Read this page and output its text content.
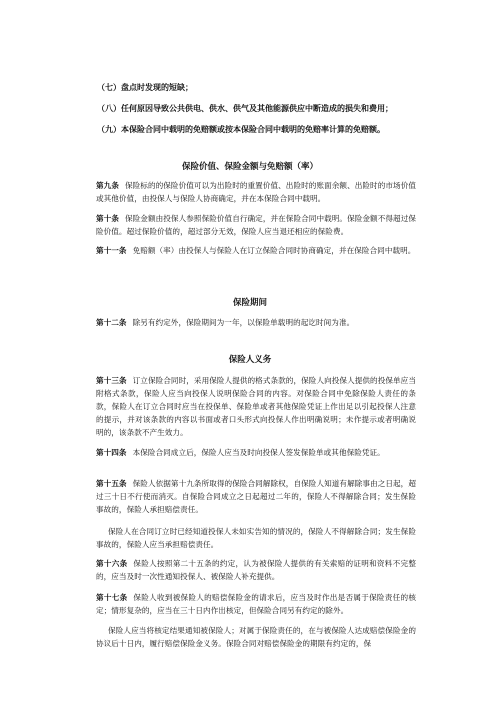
（七）盘点时发现的短缺；
（八）任何原因导致公共供电、供水、供气及其他能源供应中断造成的损失和费用；
（九）本保险合同中载明的免赔额或按本保险合同中载明的免赔率计算的免赔额。
保险价值、保险金额与免赔额（率）
第九条 保险标的的保险价值可以为出险时的重置价值、出险时的账面余额、出险时的市场价值或其他价值，由投保人与保险人协商确定，并在本保险合同中载明。
第十条 保险金额由投保人参照保险价值自行确定，并在保险合同中载明。保险金额不得超过保险价值。超过保险价值的，超过部分无效，保险人应当退还相应的保险费。
第十一条 免赔额（率）由投保人与保险人在订立保险合同时协商确定，并在保险合同中载明。
保险期间
第十二条 除另有约定外，保险期间为一年，以保险单载明的起讫时间为准。
保险人义务
第十三条 订立保险合同时，采用保险人提供的格式条款的，保险人向投保人提供的投保单应当附格式条款，保险人应当向投保人说明保险合同的内容。对保险合同中免除保险人责任的条款，保险人在订立合同时应当在投保单、保险单或者其他保险凭证上作出足以引起投保人注意的提示，并对该条款的内容以书面或者口头形式向投保人作出明确说明；未作提示或者明确说明的，该条款不产生效力。
第十四条 本保险合同成立后，保险人应当及时向投保人签发保险单或其他保险凭证。
第十五条 保险人依据第十九条所取得的保险合同解除权，自保险人知道有解除事由之日起，超过三十日不行使而消灭。自保险合同成立之日起超过二年的，保险人不得解除合同；发生保险事故的，保险人承担赔偿责任。
保险人在合同订立时已经知道投保人未如实告知的情况的，保险人不得解除合同；发生保险事故的，保险人应当承担赔偿责任。
第十六条 保险人按照第二十五条的约定，认为被保险人提供的有关索赔的证明和资料不完整的，应当及时一次性通知投保人、被保险人补充提供。
第十七条 保险人收到被保险人的赔偿保险金的请求后，应当及时作出是否属于保险责任的核定；情形复杂的，应当在三十日内作出核定，但保险合同另有约定的除外。
保险人应当将核定结果通知被保险人；对属于保险责任的，在与被保险人达成赔偿保险金的协议后十日内，履行赔偿保险金义务。保险合同对赔偿保险金的期限有约定的，保
